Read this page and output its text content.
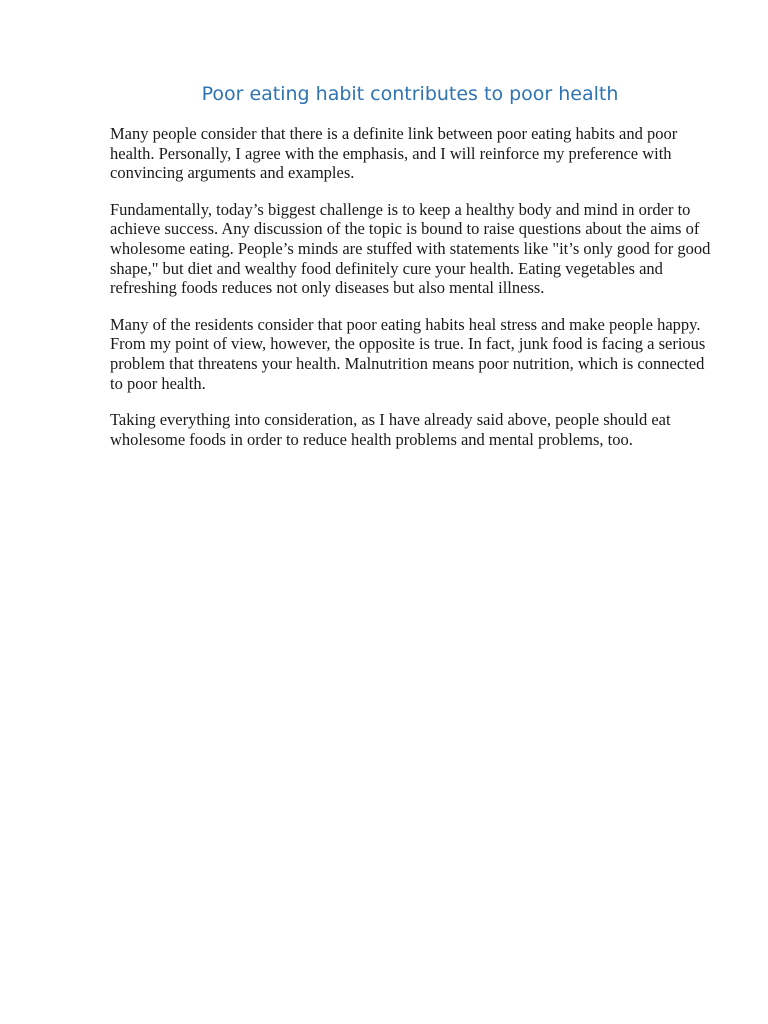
Poor eating habit contributes to poor health

Many people consider that there is a definite link between poor eating habits and poor health. Personally, I agree with the emphasis, and I will reinforce my preference with convincing arguments and examples.

Fundamentally, today’s biggest challenge is to keep a healthy body and mind in order to achieve success. Any discussion of the topic is bound to raise questions about the aims of wholesome eating. People’s minds are stuffed with statements like "it’s only good for good shape," but diet and wealthy food definitely cure your health. Eating vegetables and refreshing foods reduces not only diseases but also mental illness.

Many of the residents consider that poor eating habits heal stress and make people happy. From my point of view, however, the opposite is true. In fact, junk food is facing a serious problem that threatens your health. Malnutrition means poor nutrition, which is connected to poor health.

Taking everything into consideration, as I have already said above, people should eat wholesome foods in order to reduce health problems and mental problems, too.
